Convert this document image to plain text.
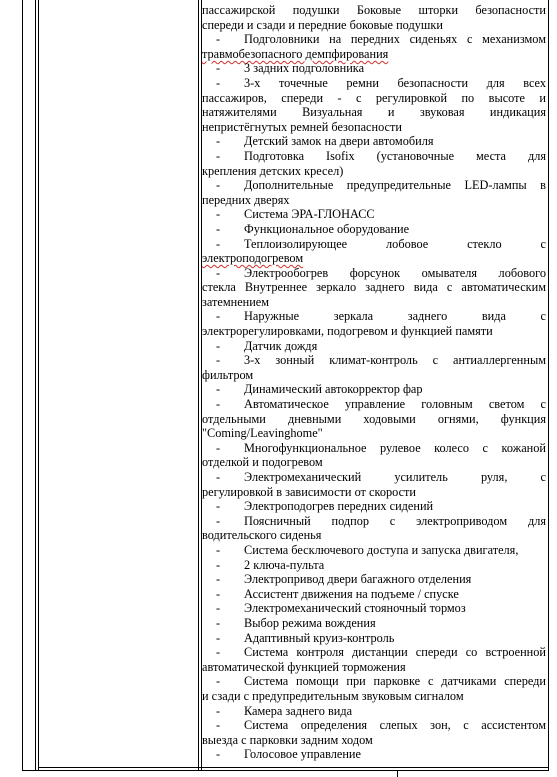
пассажирской подушки Боковые шторки безопасности
спереди и сзади и передние боковые подушки
- Подголовники на передних сиденьях с механизмом
травмобезопасного демпфирования
- 3 задних подголовника
- 3-х точечные ремни безопасности для всех
пассажиров, спереди - с регулировкой по высоте и
натяжителями Визуальная и звуковая индикация
непристёгнутых ремней безопасности
- Детский замок на двери автомобиля
- Подготовка Isofix (установочные места для
крепления детских кресел)
- Дополнительные предупредительные LED-лампы в
передних дверях
- Система ЭРА-ГЛОНАСС
- Функциональное оборудование
- Теплоизолирующее лобовое стекло с
электроподогревом
- Электрообогрев форсунок омывателя лобового
стекла Внутреннее зеркало заднего вида с автоматическим
затемнением
- Наружные зеркала заднего вида с
электрорегулировками, подогревом и функцией памяти
- Датчик дождя
- 3-х зонный климат-контроль с антиаллергенным
фильтром
- Динамический автокорректор фар
- Автоматическое управление головным светом с
отдельными дневными ходовыми огнями, функция
"Coming/Leavinghome"
- Многофункциональное рулевое колесо с кожаной
отделкой и подогревом
- Электромеханический усилитель руля, с
регулировкой в зависимости от скорости
- Электроподогрев передних сидений
- Поясничный подпор с электроприводом для
водительского сиденья
- Система бесключевого доступа и запуска двигателя,
- 2 ключа-пульта
- Электропривод двери багажного отделения
- Ассистент движения на подъеме / спуске
- Электромеханический стояночный тормоз
- Выбор режима вождения
- Адаптивный круиз-контроль
- Система контроля дистанции спереди со встроенной
автоматической функцией торможения
- Система помощи при парковке с датчиками спереди
и сзади с предупредительным звуковым сигналом
- Камера заднего вида
- Система определения слепых зон, с ассистентом
выезда с парковки задним ходом
- Голосовое управление
